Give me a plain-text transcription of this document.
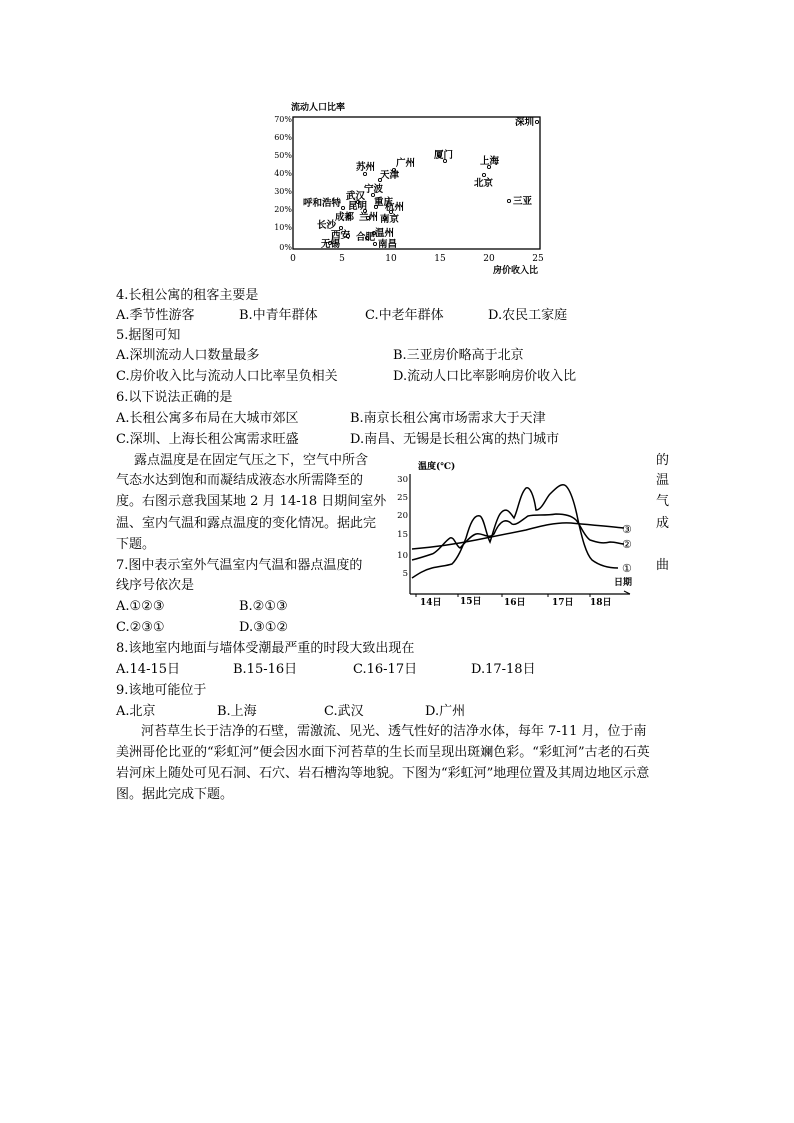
流动人口比率
70%
60%
50%
40%
30%
20%
10%
0%
0	5	10	15	20	25
房价收入比
深圳
广州
苏州
天津
厦门
上海
北京
宁波
武汉
重庆
呼和浩特 昆明 杭州
成都 兰州 南京
长沙
西安 合肥 温州
无锡	南昌
三亚
4.长租公寓的租客主要是
A.季节性游客	B.中青年群体	C.中老年群体	D.农民工家庭
5.据图可知
A.深圳流动人口数量最多	B.三亚房价略高于北京
C.房价收入比与流动人口比率呈负相关	D.流动人口比率影响房价收入比
6.以下说法正确的是
A.长租公寓多布局在大城市郊区	B.南京长租公寓市场需求大于天津
C.深圳、上海长租公寓需求旺盛	D.南昌、无锡是长租公寓的热门城市
露点温度是在固定气压之下，空气中所含	的
气态水达到饱和而凝结成液态水所需降至的	温
度。右图示意我国某地 2 月 14-18 日期间室外	气
温、室内气温和露点温度的变化情况。据此完	成
下题。
温度(℃)
30
25
20
15
10
5
14日 15日 16日	17日 18日
日期
③
②
①
7.图中表示室外气温室内气温和器点温度的	曲
线序号依次是
A.①②③	B.②①③
C.②③①	D.③①②
8.该地室内地面与墙体受潮最严重的时段大致出现在
A.14-15日	B.15-16日	C.16-17日	D.17-18日
9.该地可能位于
A.北京	B.上海	C.武汉	D.广州
河苔草生长于洁净的石壁，需激流、见光、透气性好的洁净水体，每年 7-11 月，位于南
美洲哥伦比亚的“彩虹河”便会因水面下河苔草的生长而呈现出斑斓色彩。“彩虹河”古老的石英
岩河床上随处可见石洞、石穴、岩石槽沟等地貌。下图为“彩虹河”地理位置及其周边地区示意
图。据此完成下题。
